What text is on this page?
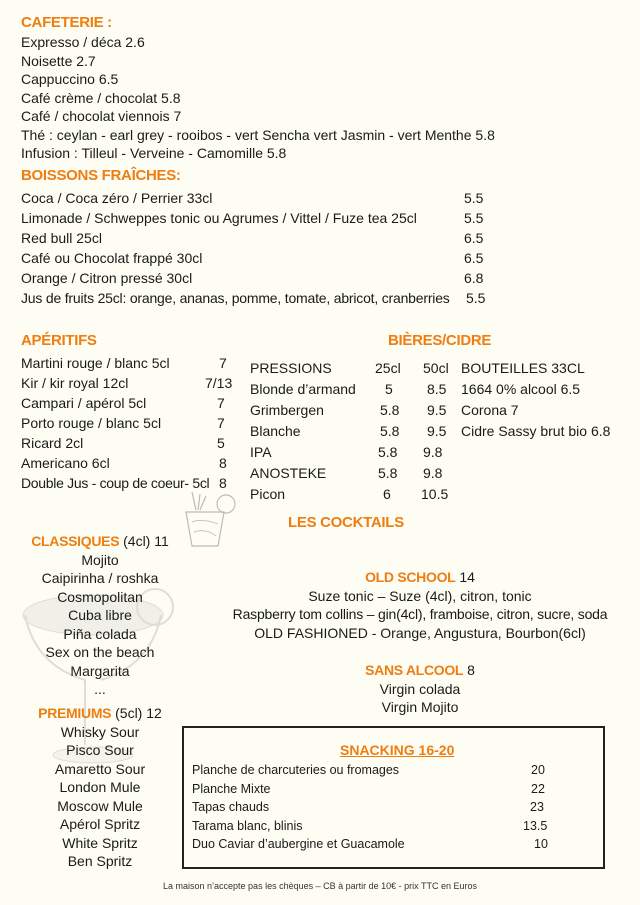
CAFETERIE :
Expresso / déca 2.6
Noisette 2.7
Cappuccino 6.5
Café crème / chocolat 5.8
Café / chocolat viennois 7
Thé : ceylan - earl grey - rooibos - vert Sencha vert Jasmin - vert Menthe 5.8
Infusion : Tilleul - Verveine - Camomille 5.8
BOISSONS FRAÎCHES:
Coca / Coca zéro / Perrier 33cl	5.5
Limonade / Schweppes tonic ou Agrumes / Vittel / Fuze tea 25cl	5.5
Red bull 25cl	6.5
Café ou Chocolat frappé 30cl	6.5
Orange / Citron pressé 30cl	6.8
Jus de fruits 25cl: orange, ananas, pomme, tomate, abricot, cranberries 5.5
APÉRITIFS
Martini rouge / blanc 5cl	7
Kir / kir royal 12cl	7/13
Campari / apérol 5cl	7
Porto rouge / blanc 5cl	7
Ricard 2cl	5
Americano 6cl	8
Double Jus - coup de coeur- 5cl 8
BIÈRES/CIDRE
PRESSIONS	25cl 50cl
Blonde d’armand 5 8.5
Grimbergen	5.8 9.5
Blanche	5.8 9.5
IPA	5.8 9.8
ANOSTEKE	5.8 9.8
Picon	6 10.5
BOUTEILLES 33CL
1664 0% alcool 6.5
Corona 7
Cidre Sassy brut bio 6.8
LES COCKTAILS
CLASSIQUES (4cl) 11
Mojito
Caipirinha / roshka
Cosmopolitan
Cuba libre
Piña colada
Sex on the beach
Margarita
...
PREMIUMS (5cl) 12
Whisky Sour
Pisco Sour
Amaretto Sour
London Mule
Moscow Mule
Apérol Spritz
White Spritz
Ben Spritz
OLD SCHOOL 14
Suze tonic – Suze (4cl), citron, tonic
Raspberry tom collins – gin(4cl), framboise, citron, sucre, soda
OLD FASHIONED - Orange, Angustura, Bourbon(6cl)
SANS ALCOOL 8
Virgin colada
Virgin Mojito
SNACKING 16-20
Planche de charcuteries ou fromages	20
Planche Mixte	22
Tapas chauds	23
Tarama blanc, blinis	13.5
Duo Caviar d’aubergine et Guacamole	10
La maison n’accepte pas les chèques – CB à partir de 10€ - prix TTC en Euros
